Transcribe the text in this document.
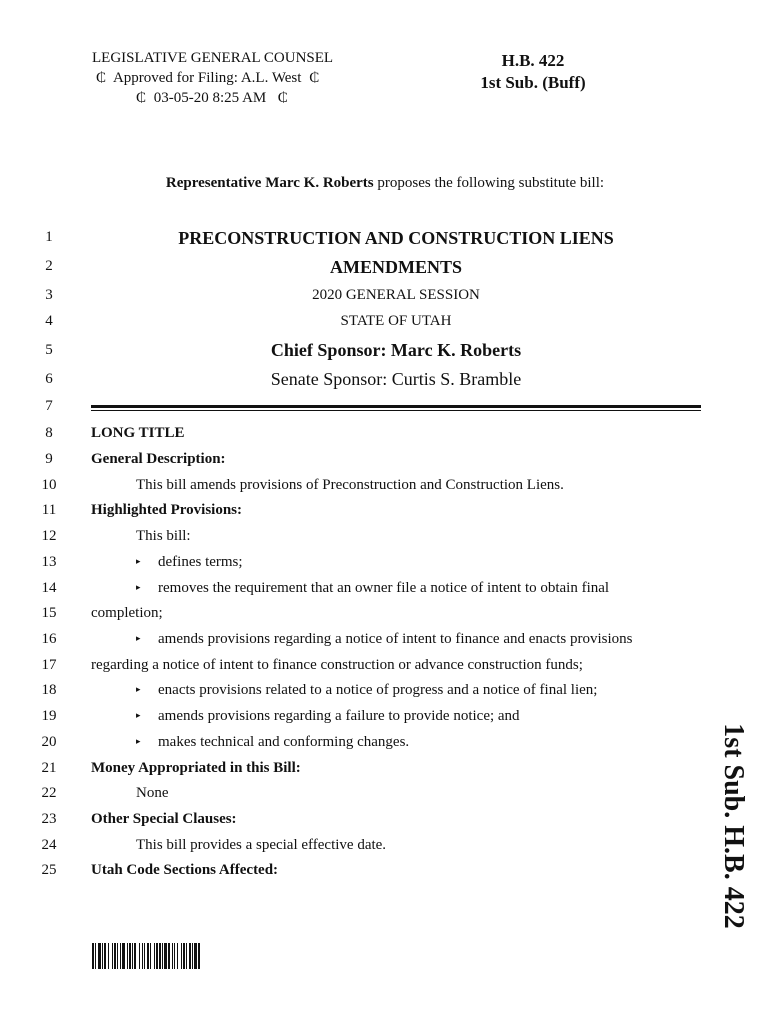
LEGISLATIVE GENERAL COUNSEL
₵ Approved for Filing: A.L. West ₵
₵ 03-05-20 8:25 AM ₵
H.B. 422
1st Sub. (Buff)
Representative Marc K. Roberts proposes the following substitute bill:
1
2
3
4
5
6
7
8
9
10
11
12
13
14
15
16
17
18
19
20
21
22
23
24
25
PRECONSTRUCTION AND CONSTRUCTION LIENS
AMENDMENTS
2020 GENERAL SESSION
STATE OF UTAH
Chief Sponsor: Marc K. Roberts
Senate Sponsor: Curtis S. Bramble
LONG TITLE
General Description:
This bill amends provisions of Preconstruction and Construction Liens.
Highlighted Provisions:
This bill:
▸ defines terms;
▸ removes the requirement that an owner file a notice of intent to obtain final
completion;
▸ amends provisions regarding a notice of intent to finance and enacts provisions
regarding a notice of intent to finance construction or advance construction funds;
▸ enacts provisions related to a notice of progress and a notice of final lien;
▸ amends provisions regarding a failure to provide notice; and
▸ makes technical and conforming changes.
Money Appropriated in this Bill:
None
Other Special Clauses:
This bill provides a special effective date.
Utah Code Sections Affected:	1st Sub. H.B. 422
